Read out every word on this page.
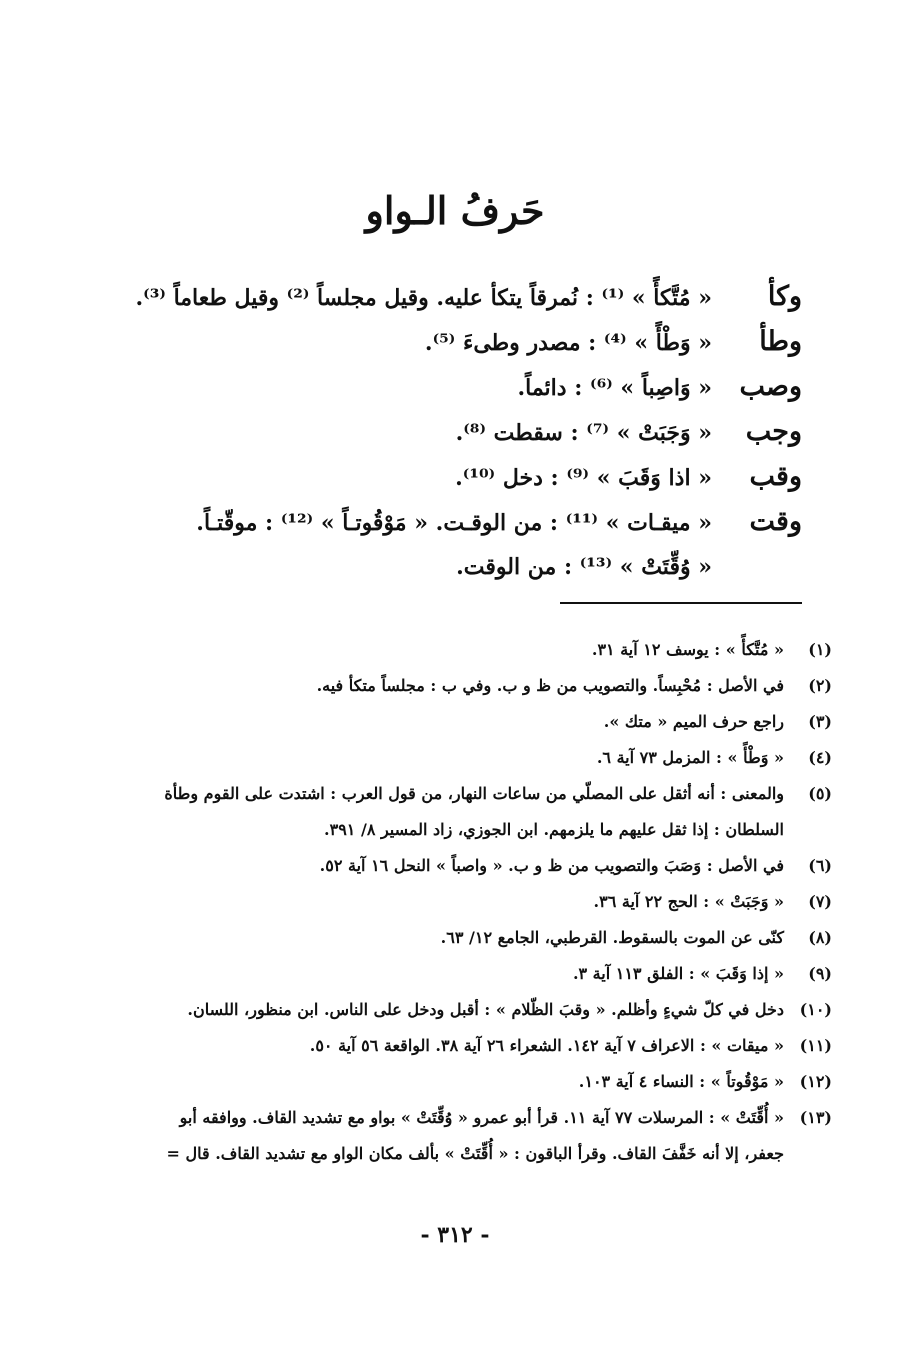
حَرفُ الـواو
وكأ
« مُتَّكأً » ⁽¹⁾ : نُمرقاً يتكأ عليه. وقيل مجلساً ⁽²⁾ وقيل طعاماً ⁽³⁾.
وطأ
« وَطْأً » ⁽⁴⁾ : مصدر وطىءَ ⁽⁵⁾.
وصب
« وَاصِباً » ⁽⁶⁾ : دائماً.
وجب
« وَجَبَتْ » ⁽⁷⁾ : سقطت ⁽⁸⁾.
وقب
« اذا وَقَبَ » ⁽⁹⁾ : دخل ⁽¹⁰⁾.
وقت
« ميقـات » ⁽¹¹⁾ : من الوقـت. « مَوْقُوتـاً » ⁽¹²⁾ : موقّتـاً.
« وُقِّتَتْ » ⁽¹³⁾ : من الوقت.
(١)
« مُتَّكأً » : يوسف ١٢ آية ٣١.
(٢)
في الأصل : مُحْبِساً. والتصويب من ظ و ب. وفي ب : مجلساً متكأ فيه.
(٣)
راجع حرف الميم « متك ».
(٤)
« وَطْأً » : المزمل ٧٣ آية ٦.
(٥)
والمعنى : أنه أثقل على المصلّي من ساعات النهار، من قول العرب : اشتدت على القوم وطأة
السلطان : إذا ثقل عليهم ما يلزمهم. ابن الجوزي، زاد المسير ٨/ ٣٩١.
(٦)
في الأصل : وَصَبَ والتصويب من ظ و ب. « واصباً » النحل ١٦ آية ٥٢.
(٧)
« وَجَبَتْ » : الحج ٢٢ آية ٣٦.
(٨)
كنّى عن الموت بالسقوط. القرطبي، الجامع ١٢/ ٦٣.
(٩)
« إذا وَقَبَ » : الفلق ١١٣ آية ٣.
(١٠)
دخل في كلّ شيءٍ وأظلم. « وقبَ الظّلام » : أقبل ودخل على الناس. ابن منظور، اللسان.
(١١)
« ميقات » : الاعراف ٧ آية ١٤٢. الشعراء ٢٦ آية ٣٨. الواقعة ٥٦ آية ٥٠.
(١٢)
« مَوْقُوتاً » : النساء ٤ آية ١٠٣.
(١٣)
« أُقِّتَتْ » : المرسلات ٧٧ آية ١١. قرأ أبو عمرو « وُقِّتَتْ » بواو مع تشديد القاف. ووافقه أبو
جعفر، إلا أنه خَفَّفَ القاف. وقرأ الباقون : « أُقِّتَتْ » بألف مكان الواو مع تشديد القاف. قال =
- ٣١٢ -
